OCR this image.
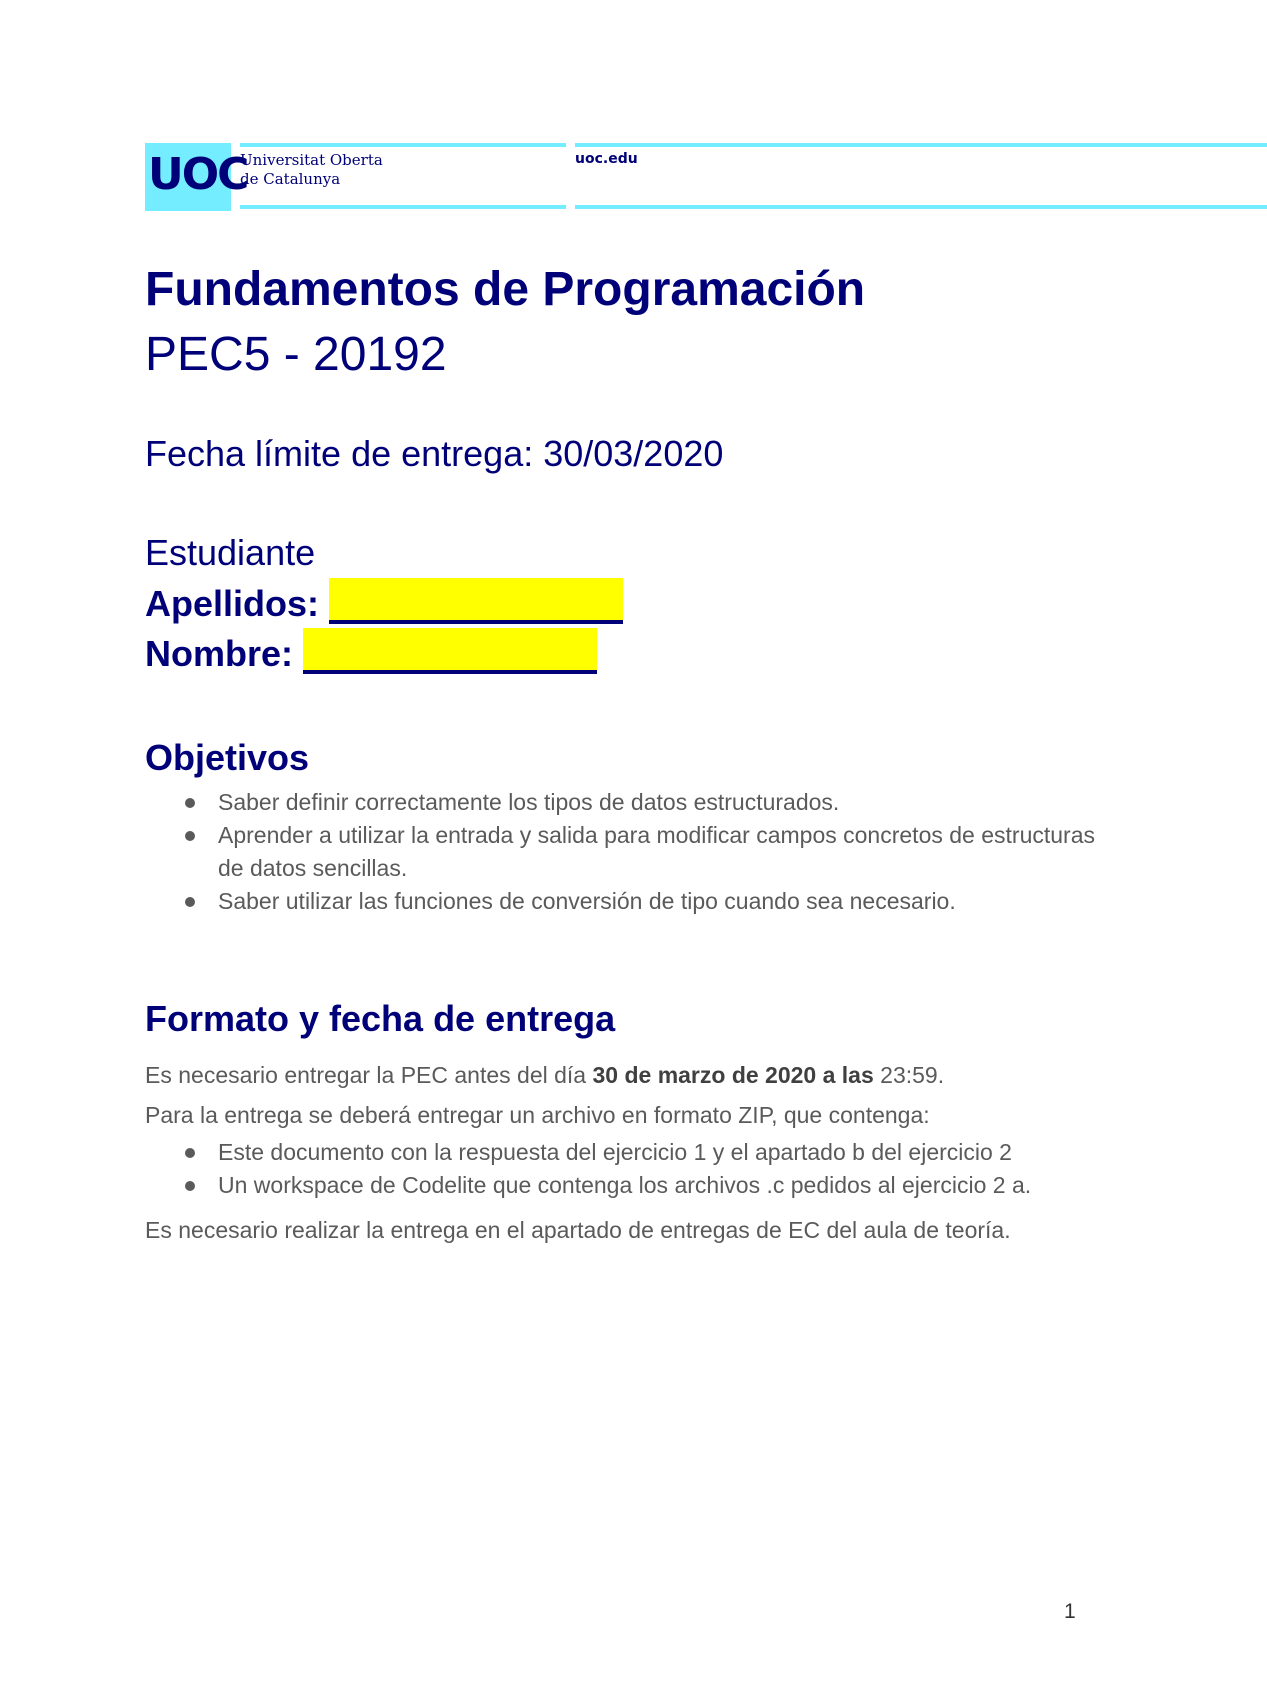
UOC
Universitat Oberta
de Catalunya
uoc.edu
Fundamentos de Programación
PEC5 - 20192
Fecha límite de entrega: 30/03/2020
Estudiante
Apellidos:
Nombre:
Objetivos
Saber definir correctamente los tipos de datos estructurados.
Aprender a utilizar la entrada y salida para modificar campos concretos de estructuras de datos sencillas.
Saber utilizar las funciones de conversión de tipo cuando sea necesario.
Formato y fecha de entrega
Es necesario entregar la PEC antes del día 30 de marzo de 2020 a las 23:59.
Para la entrega se deberá entregar un archivo en formato ZIP, que contenga:
Este documento con la respuesta del ejercicio 1 y el apartado b del ejercicio 2
Un workspace de Codelite que contenga los archivos .c pedidos al ejercicio 2 a.
Es necesario realizar la entrega en el apartado de entregas de EC del aula de teoría.
1
